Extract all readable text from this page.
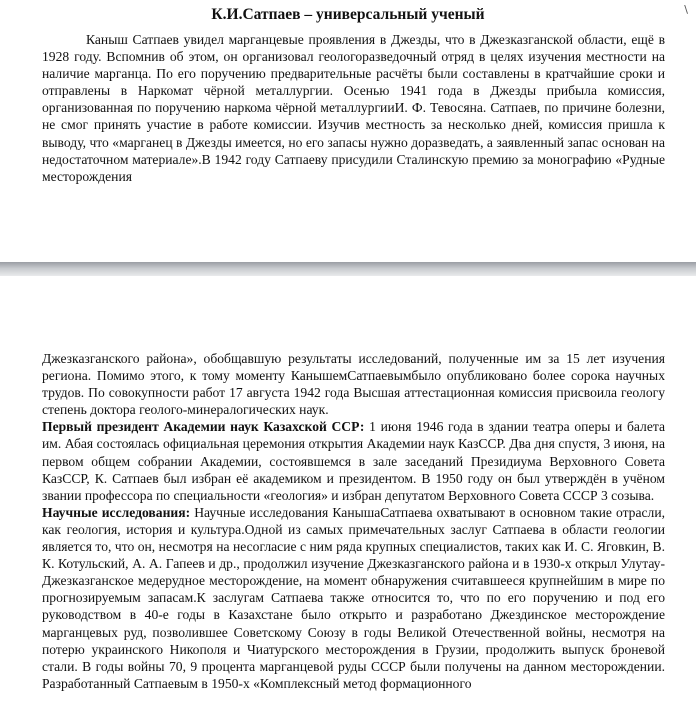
\
К.И.Сатпаев – универсальный ученый

Каныш Сатпаев увидел марганцевые проявления в Джезды, что в Джезказганской области, ещё в 1928 году. Вспомнив об этом, он организовал геологоразведочный отряд в целях изучения местности на наличие марганца. По его поручению предварительные расчёты были составлены в кратчайшие сроки и отправлены в Наркомат чёрной металлургии. Осенью 1941 года в Джезды прибыла комиссия, организованная по поручению наркома чёрной металлургииИ. Ф. Тевосяна. Сатпаев, по причине болезни, не смог принять участие в работе комиссии. Изучив местность за несколько дней, комиссия пришла к выводу, что «марганец в Джезды имеется, но его запасы нужно доразведать, а заявленный запас основан на недостаточном материале».В 1942 году Сатпаеву присудили Сталинскую премию за монографию «Рудные месторождения

Джезказганского района», обобщавшую результаты исследований, полученные им за 15 лет изучения региона. Помимо этого, к тому моменту КанышемСатпаевымбыло опубликовано более сорока научных трудов. По совокупности работ 17 августа 1942 года Высшая аттестационная комиссия присвоила геологу степень доктора геолого-минералогических наук.

Первый президент Академии наук Казахской ССР: 1 июня 1946 года в здании театра оперы и балета им. Абая состоялась официальная церемония открытия Академии наук КазССР. Два дня спустя, 3 июня, на первом общем собрании Академии, состоявшемся в зале заседаний Президиума Верховного Совета КазССР, К. Сатпаев был избран её академиком и президентом. В 1950 году он был утверждён в учёном звании профессора по специальности «геология» и избран депутатом Верховного Совета СССР 3 созыва.

Научные исследования: Научные исследования КанышаСатпаева охватывают в основном такие отрасли, как геология, история и культура.Одной из самых примечательных заслуг Сатпаева в области геологии является то, что он, несмотря на несогласие с ним ряда крупных специалистов, таких как И. С. Яговкин, В. К. Котульский, А. А. Гапеев и др., продолжил изучение Джезказганского района и в 1930-х открыл Улутау-Джезказганское медерудное месторождение, на момент обнаружения считавшееся крупнейшим в мире по прогнозируемым запасам.К заслугам Сатпаева также относится то, что по его поручению и под его руководством в 40-е годы в Казахстане было открыто и разработано Джездинское месторождение марганцевых руд, позволившее Советскому Союзу в годы Великой Отечественной войны, несмотря на потерю украинского Никополя и Чиатурского месторождения в Грузии, продолжить выпуск броневой стали. В годы войны 70, 9 процента марганцевой руды СССР были получены на данном месторождении. Разработанный Сатпаевым в 1950-х «Комплексный метод формационного
